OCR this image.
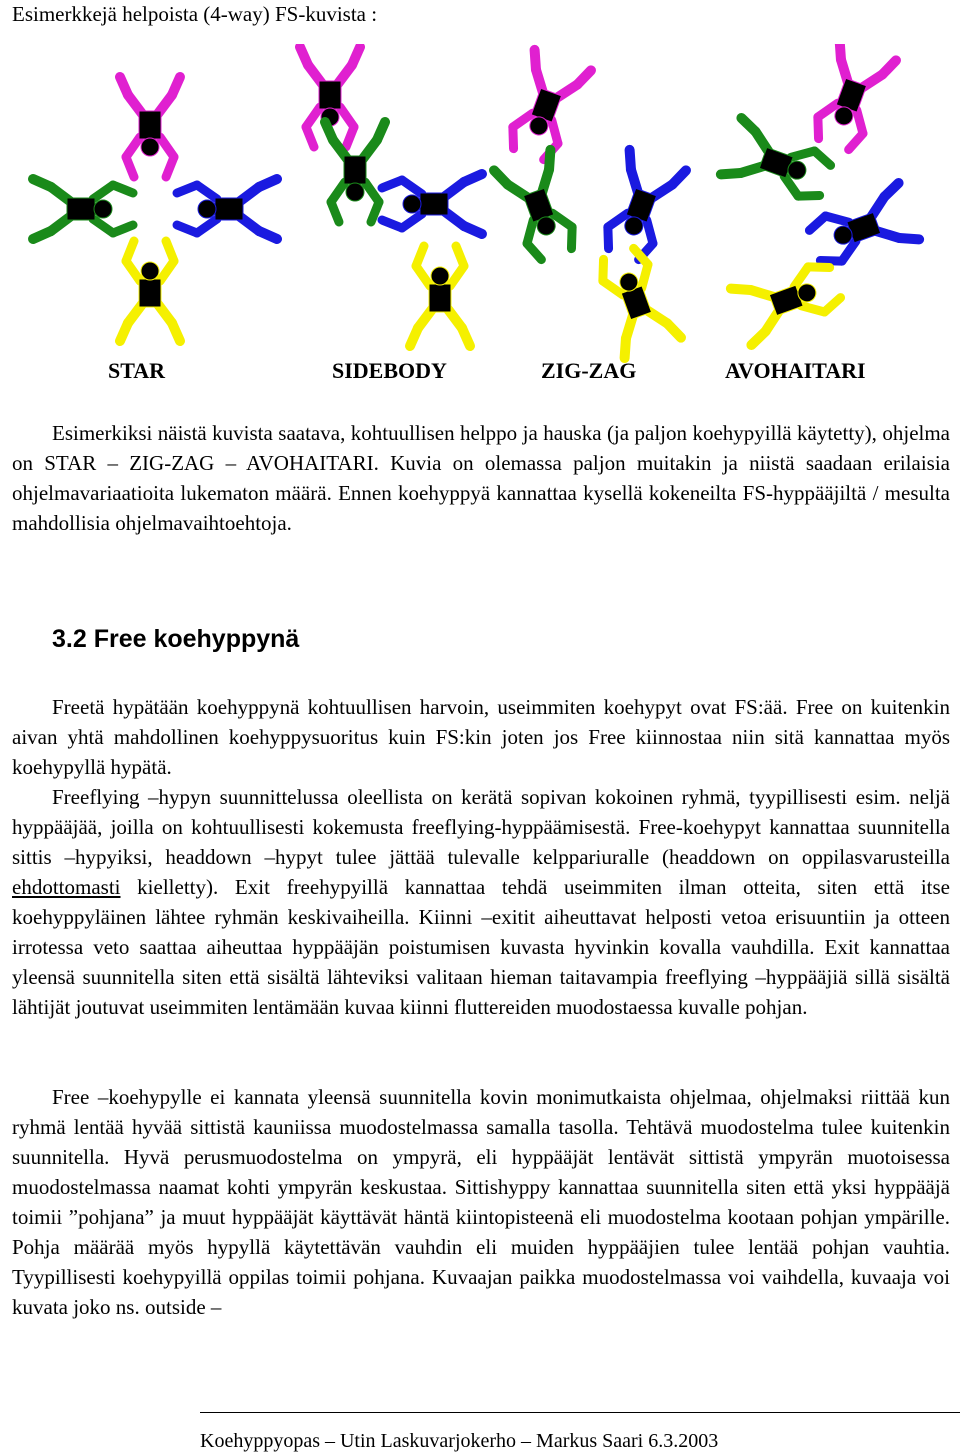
Esimerkkejä helpoista (4-way) FS-kuvista :
STAR	SIDEBODY	ZIG-ZAG	AVOHAITARI

Esimerkiksi näistä kuvista saatava, kohtuullisen helppo ja hauska (ja paljon koehypyillä käytetty), ohjelma on STAR – ZIG-ZAG – AVOHAITARI. Kuvia on olemassa paljon muitakin ja niistä saadaan erilaisia ohjelmavariaatioita lukematon määrä. Ennen koehyppyä kannattaa kysellä kokeneilta FS-hyppääjiltä / mesulta mahdollisia ohjelmavaihtoehtoja.

3.2 Free koehyppynä

Freetä hypätään koehyppynä kohtuullisen harvoin, useimmiten koehypyt ovat FS:ää. Free on kuitenkin aivan yhtä mahdollinen koehyppysuoritus kuin FS:kin joten jos Free kiinnostaa niin sitä kannattaa myös koehypyllä hypätä.

Freeflying –hypyn suunnittelussa oleellista on kerätä sopivan kokoinen ryhmä, tyypillisesti esim. neljä hyppääjää, joilla on kohtuullisesti kokemusta freeflying-hyppäämisestä. Free-koehypyt kannattaa suunnitella sittis –hypyiksi, headdown –hypyt tulee jättää tulevalle kelppariuralle (headdown on oppilasvarusteilla ehdottomasti kielletty). Exit freehypyillä kannattaa tehdä useimmiten ilman otteita, siten että itse koehyppyläinen lähtee ryhmän keskivaiheilla. Kiinni –exitit aiheuttavat helposti vetoa erisuuntiin ja otteen irrotessa veto saattaa aiheuttaa hyppääjän poistumisen kuvasta hyvinkin kovalla vauhdilla. Exit kannattaa yleensä suunnitella siten että sisältä lähteviksi valitaan hieman taitavampia freeflying –hyppääjiä sillä sisältä lähtijät joutuvat useimmiten lentämään kuvaa kiinni fluttereiden muodostaessa kuvalle pohjan.

Free –koehypylle ei kannata yleensä suunnitella kovin monimutkaista ohjelmaa, ohjelmaksi riittää kun ryhmä lentää hyvää sittistä kauniissa muodostelmassa samalla tasolla. Tehtävä muodostelma tulee kuitenkin suunnitella. Hyvä perusmuodostelma on ympyrä, eli hyppääjät lentävät sittistä ympyrän muotoisessa muodostelmassa naamat kohti ympyrän keskustaa. Sittishyppy kannattaa suunnitella siten että yksi hyppääjä toimii ”pohjana” ja muut hyppääjät käyttävät häntä kiintopisteenä eli muodostelma kootaan pohjan ympärille. Pohja määrää myös hypyllä käytettävän vauhdin eli muiden hyppääjien tulee lentää pohjan vauhtia. Tyypillisesti koehypyillä oppilas toimii pohjana. Kuvaajan paikka muodostelmassa voi vaihdella, kuvaaja voi kuvata joko ns. outside –

Koehyppyopas – Utin Laskuvarjokerho – Markus Saari 6.3.2003
